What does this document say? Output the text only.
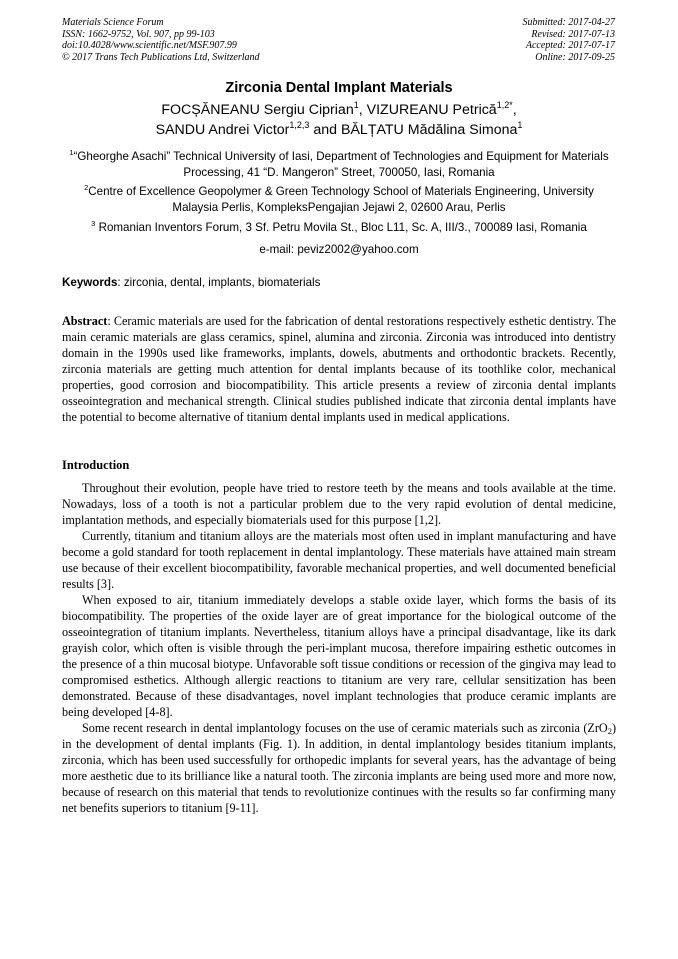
Materials Science Forum
ISSN: 1662-9752, Vol. 907, pp 99-103
doi:10.4028/www.scientific.net/MSF.907.99
© 2017 Trans Tech Publications Ltd, Switzerland
Submitted: 2017-04-27
Revised: 2017-07-13
Accepted: 2017-07-17
Online: 2017-09-25
Zirconia Dental Implant Materials
FOCȘĂNEANU Sergiu Ciprian$^1$, VIZUREANU Petrică$^{1,2*}$,
SANDU Andrei Victor$^{1,2,3}$ and BĂLȚATU Mădălina Simona$^1$
$^1$“Gheorghe Asachi” Technical University of Iasi, Department of Technologies and Equipment for Materials Processing, 41 “D. Mangeron” Street, 700050, Iasi, Romania
$^2$Centre of Excellence Geopolymer & Green Technology School of Materials Engineering, University Malaysia Perlis, KompleksPengajian Jejawi 2, 02600 Arau, Perlis
$^3$ Romanian Inventors Forum, 3 Sf. Petru Movila St., Bloc L11, Sc. A, III/3., 700089 Iasi, Romania
e-mail: peviz2002@yahoo.com
Keywords: zirconia, dental, implants, biomaterials
Abstract: Ceramic materials are used for the fabrication of dental restorations respectively esthetic dentistry. The main ceramic materials are glass ceramics, spinel, alumina and zirconia. Zirconia was introduced into dentistry domain in the 1990s used like frameworks, implants, dowels, abutments and orthodontic brackets. Recently, zirconia materials are getting much attention for dental implants because of its toothlike color, mechanical properties, good corrosion and biocompatibility. This article presents a review of zirconia dental implants osseointegration and mechanical strength. Clinical studies published indicate that zirconia dental implants have the potential to become alternative of titanium dental implants used in medical applications.
Introduction

Throughout their evolution, people have tried to restore teeth by the means and tools available at the time. Nowadays, loss of a tooth is not a particular problem due to the very rapid evolution of dental medicine, implantation methods, and especially biomaterials used for this purpose [1,2].

Currently, titanium and titanium alloys are the materials most often used in implant manufacturing and have become a gold standard for tooth replacement in dental implantology. These materials have attained main stream use because of their excellent biocompatibility, favorable mechanical properties, and well documented beneficial results [3].

When exposed to air, titanium immediately develops a stable oxide layer, which forms the basis of its biocompatibility. The properties of the oxide layer are of great importance for the biological outcome of the osseointegration of titanium implants. Nevertheless, titanium alloys have a principal disadvantage, like its dark grayish color, which often is visible through the peri-implant mucosa, therefore impairing esthetic outcomes in the presence of a thin mucosal biotype. Unfavorable soft tissue conditions or recession of the gingiva may lead to compromised esthetics. Although allergic reactions to titanium are very rare, cellular sensitization has been demonstrated. Because of these disadvantages, novel implant technologies that produce ceramic implants are being developed [4-8].

Some recent research in dental implantology focuses on the use of ceramic materials such as zirconia (ZrO$_2$) in the development of dental implants (Fig. 1). In addition, in dental implantology besides titanium implants, zirconia, which has been used successfully for orthopedic implants for several years, has the advantage of being more aesthetic due to its brilliance like a natural tooth. The zirconia implants are being used more and more now, because of research on this material that tends to revolutionize continues with the results so far confirming many net benefits superiors to titanium [9-11].
